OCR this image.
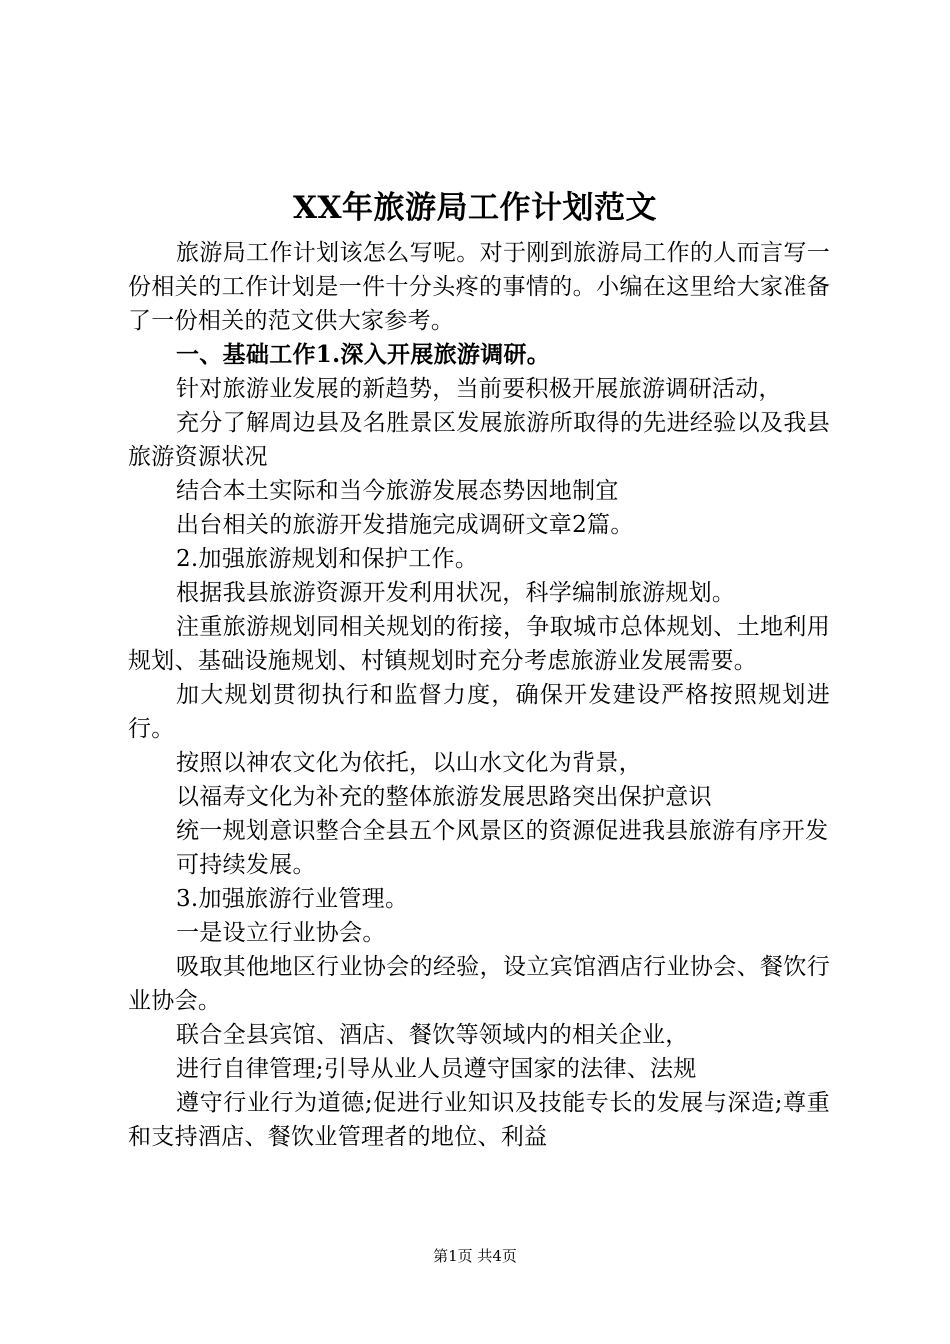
XX年旅游局工作计划范文

旅游局工作计划该怎么写呢。对于刚到旅游局工作的人而言写一份相关的工作计划是一件十分头疼的事情的。小编在这里给大家准备了一份相关的范文供大家参考。

一、基础工作1.深入开展旅游调研。

针对旅游业发展的新趋势，当前要积极开展旅游调研活动，

充分了解周边县及名胜景区发展旅游所取得的先进经验以及我县旅游资源状况

结合本土实际和当今旅游发展态势因地制宜

出台相关的旅游开发措施完成调研文章2篇。

2.加强旅游规划和保护工作。

根据我县旅游资源开发利用状况，科学编制旅游规划。

注重旅游规划同相关规划的衔接，争取城市总体规划、土地利用规划、基础设施规划、村镇规划时充分考虑旅游业发展需要。

加大规划贯彻执行和监督力度，确保开发建设严格按照规划进行。

按照以神农文化为依托，以山水文化为背景，

以福寿文化为补充的整体旅游发展思路突出保护意识

统一规划意识整合全县五个风景区的资源促进我县旅游有序开发

可持续发展。

3.加强旅游行业管理。

一是设立行业协会。

吸取其他地区行业协会的经验，设立宾馆酒店行业协会、餐饮行业协会。

联合全县宾馆、酒店、餐饮等领域内的相关企业，

进行自律管理;引导从业人员遵守国家的法律、法规

遵守行业行为道德;促进行业知识及技能专长的发展与深造;尊重和支持酒店、餐饮业管理者的地位、利益

第1页 共4页
